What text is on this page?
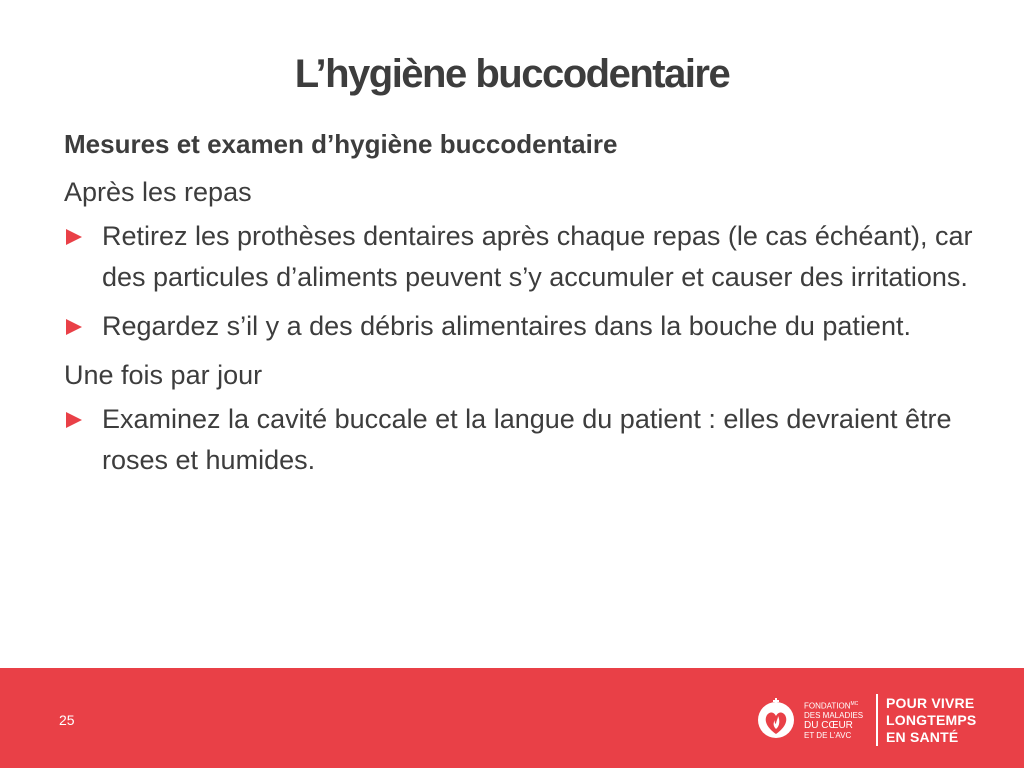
L’hygiène buccodentaire
Mesures et examen d’hygiène buccodentaire
Après les repas
Retirez les prothèses dentaires après chaque repas (le cas échéant), car des particules d’aliments peuvent s’y accumuler et causer des irritations.
Regardez s’il y a des débris alimentaires dans la bouche du patient.
Une fois par jour
Examinez la cavité buccale et la langue du patient : elles devraient être roses et humides.
25
$FONDATION^{MC}$
DES MALADIES
DU CŒUR
ET DE L’AVC
POUR VIVRE
LONGTEMPS
EN SANTÉ
